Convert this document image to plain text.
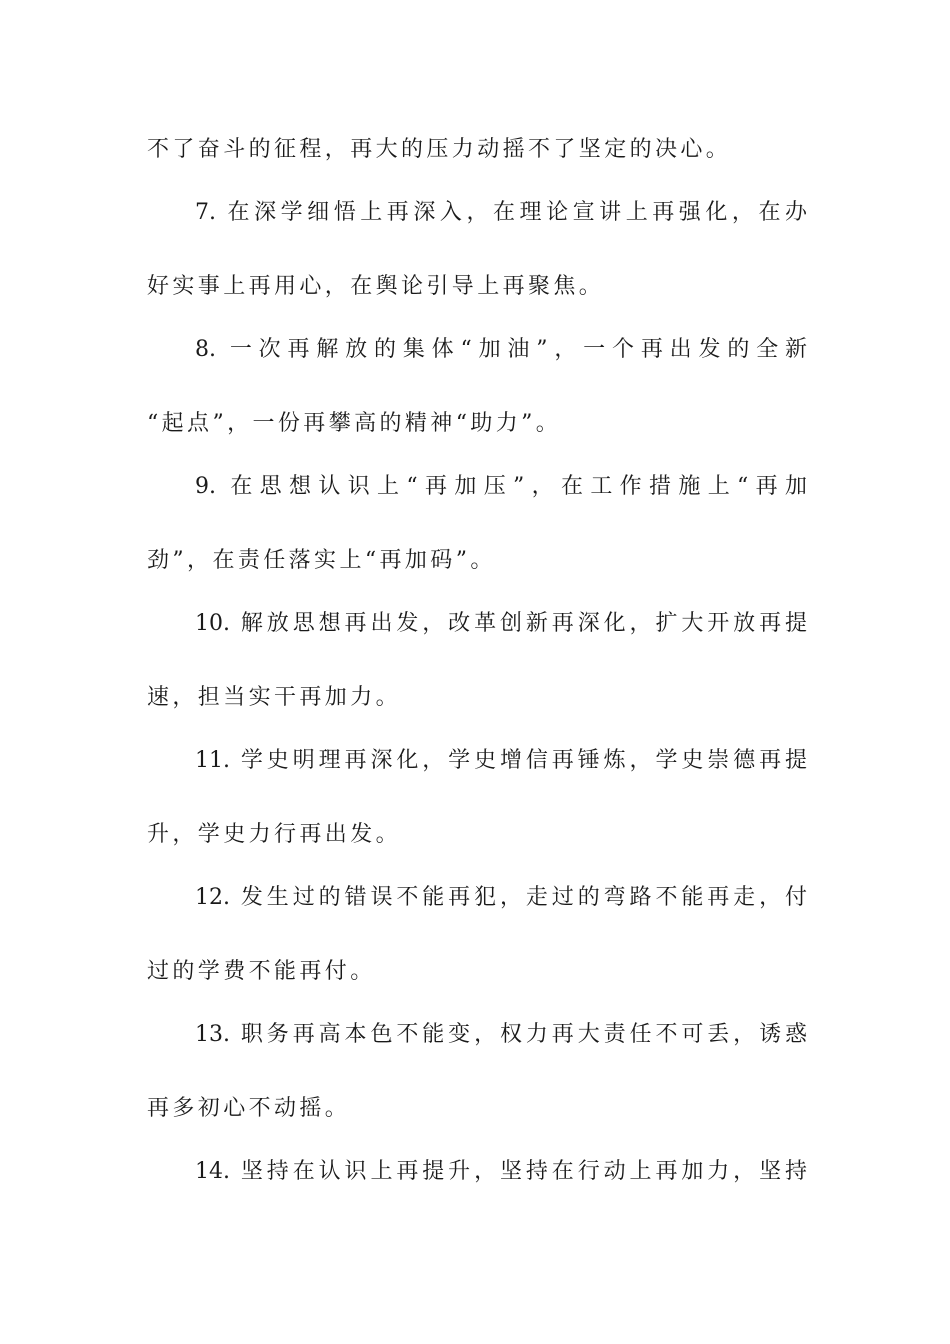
不了奋斗的征程，再大的压力动摇不了坚定的决心。
7. 在深学细悟上再深入，在理论宣讲上再强化，在办
好实事上再用心，在舆论引导上再聚焦。
8. 一次再解放的集体“加油”，一个再出发的全新
“起点”，一份再攀高的精神“助力”。
9. 在思想认识上“再加压”，在工作措施上“再加
劲”，在责任落实上“再加码”。
10. 解放思想再出发，改革创新再深化，扩大开放再提
速，担当实干再加力。
11. 学史明理再深化，学史增信再锤炼，学史崇德再提
升，学史力行再出发。
12. 发生过的错误不能再犯，走过的弯路不能再走，付
过的学费不能再付。
13. 职务再高本色不能变，权力再大责任不可丢，诱惑
再多初心不动摇。
14. 坚持在认识上再提升，坚持在行动上再加力，坚持
